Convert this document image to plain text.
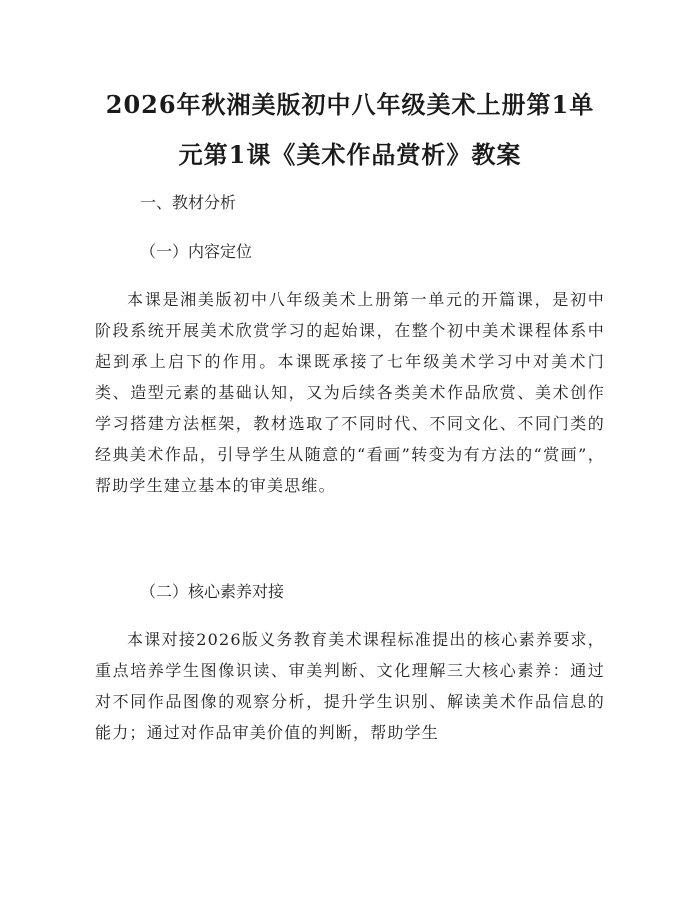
2026年秋湘美版初中八年级美术上册第1单元第1课《美术作品赏析》教案

一、教材分析

（一）内容定位

本课是湘美版初中八年级美术上册第一单元的开篇课，是初中阶段系统开展美术欣赏学习的起始课，在整个初中美术课程体系中起到承上启下的作用。本课既承接了七年级美术学习中对美术门类、造型元素的基础认知，又为后续各类美术作品欣赏、美术创作学习搭建方法框架，教材选取了不同时代、不同文化、不同门类的经典美术作品，引导学生从随意的“看画”转变为有方法的“赏画”，帮助学生建立基本的审美思维。

（二）核心素养对接

本课对接2026版义务教育美术课程标准提出的核心素养要求，重点培养学生图像识读、审美判断、文化理解三大核心素养：通过对不同作品图像的观察分析，提升学生识别、解读美术作品信息的能力；通过对作品审美价值的判断，帮助学生
